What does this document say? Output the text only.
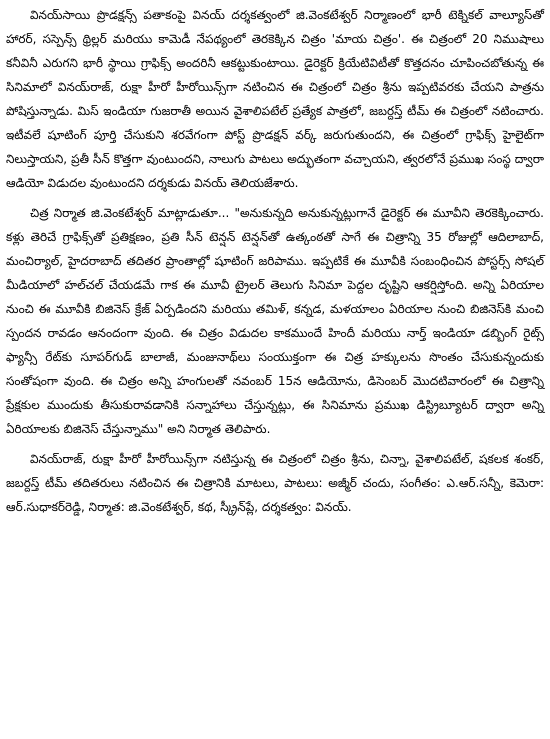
వినయ్‌సాయి ప్రొడక్షన్స్ పతాకంపై వినయ్ దర్శకత్వంలో జి.వెంకటేశ్వర్ నిర్మాణంలో భారీ టెక్నికల్ వాల్యూస్‌తో హారర్, సస్పెన్స్ థ్రిల్లర్ మరియు కామెడీ నేపథ్యంలో తెరకెక్కిన చిత్రం 'మాయ చిత్రం'. ఈ చిత్రంలో 20 నిముషాలు కనీవినీ ఎరుగని భారీ స్థాయి గ్రాఫిక్స్ అందరినీ ఆకట్టుకుంటాయి. డైరెక్టర్ క్రియేటివిటీతో కొత్తదనం చూపించబోతున్న ఈ సినిమాలో వినయ్‌రాజ్, రుక్షా హీరో హీరోయిన్స్‌గా నటించిన ఈ చిత్రంలో చిత్రం శ్రీను ఇప్పటివరకు చేయని పాత్రను పోషిస్తున్నాడు. మిస్ ఇండియా గుజరాతీ అయిన వైశాలిపటేల్ ప్రత్యేక పాత్రలో, జబర్దస్త్ టీమ్ ఈ చిత్రంలో నటించారు. ఇటీవలే షూటింగ్ పూర్తి చేసుకుని శరవేగంగా పోస్ట్ ప్రొడక్షన్ వర్క్ జరుగుతుందని, ఈ చిత్రంలో గ్రాఫిక్స్ హైలైట్‌గా నిలుస్తాయని, ప్రతీ సీన్ కొత్తగా వుంటుందని, నాలుగు పాటలు అద్భుతంగా వచ్చాయని, త్వరలోనే ప్రముఖ సంస్థ ద్వారా ఆడియో విడుదల వుంటుందని దర్శకుడు వినయ్ తెలియజేశారు.

చిత్ర నిర్మాత జి.వెంకటేశ్వర్ మాట్లాడుతూ... "అనుకున్నది అనుకున్నట్లుగానే డైరెక్టర్ ఈ మూవీని తెరకెక్కించారు. కళ్లు తెరిచే గ్రాఫిక్స్‌తో ప్రతిక్షణం, ప్రతి సీన్ టెన్షన్ టెన్షన్‌తో ఉత్కంఠతో సాగే ఈ చిత్రాన్ని 35 రోజుల్లో ఆదిలాబాద్, మంచిర్యాల్, హైదరాబాద్ తదితర ప్రాంతాల్లో షూటింగ్ జరిపాము. ఇప్పటికే ఈ మూవీకి సంబంధించిన పోస్టర్స్ సోషల్ మీడియాలో హల్‌చల్ చేయడమే గాక ఈ మూవీ ట్రైలర్ తెలుగు సినిమా పెద్దల దృష్టిని ఆకర్షిస్తోంది. అన్ని ఏరియాల నుంచి ఈ మూవీకి బిజినెస్ క్రేజ్ ఏర్పడిందని మరియు తమిళ్, కన్నడ, మళయాలం ఏరియాల నుంచి బిజినెస్‌కి మంచి స్పందన రావడం ఆనందంగా వుంది. ఈ చిత్రం విడుదల కాకముందే హిందీ మరియు నార్త్ ఇండియా డబ్బింగ్ రైట్స్ ఫ్యాన్సీ రేట్‌కు సూపర్‌గుడ్ బాలాజీ, మంజునాథ్‌లు సంయుక్తంగా ఈ చిత్ర హక్కులను సొంతం చేసుకున్నందుకు సంతోషంగా వుంది. ఈ చిత్రం అన్ని హంగులతో నవంబర్ 15న ఆడియోను, డిసెంబర్ మొదటివారంలో ఈ చిత్రాన్ని ప్రేక్షకుల ముందుకు తీసుకురావడానికి సన్నాహాలు చేస్తున్నట్లు, ఈ సినిమాను ప్రముఖ డిస్ట్రిబ్యూటర్ ద్వారా అన్ని ఏరియాలకు బిజినెస్ చేస్తున్నాము" అని నిర్మాత తెలిపారు.

వినయ్‌రాజ్, రుక్షా హీరో హీరోయిన్స్‌గా నటిస్తున్న ఈ చిత్రంలో చిత్రం శ్రీను, చిన్నా, వైశాలిపటేల్, షకలక శంకర్, జబర్దస్త్ టీమ్ తదితరులు నటించిన ఈ చిత్రానికి మాటలు, పాటలు: అజ్మీర్ చందు, సంగీతం: ఎ.ఆర్.సన్నీ, కెమెరా: ఆర్.సుధాకర్‌రెడ్డి, నిర్మాత: జి.వెంకటేశ్వర్, కథ, స్క్రీన్‌ప్లే, దర్శకత్వం: వినయ్.
